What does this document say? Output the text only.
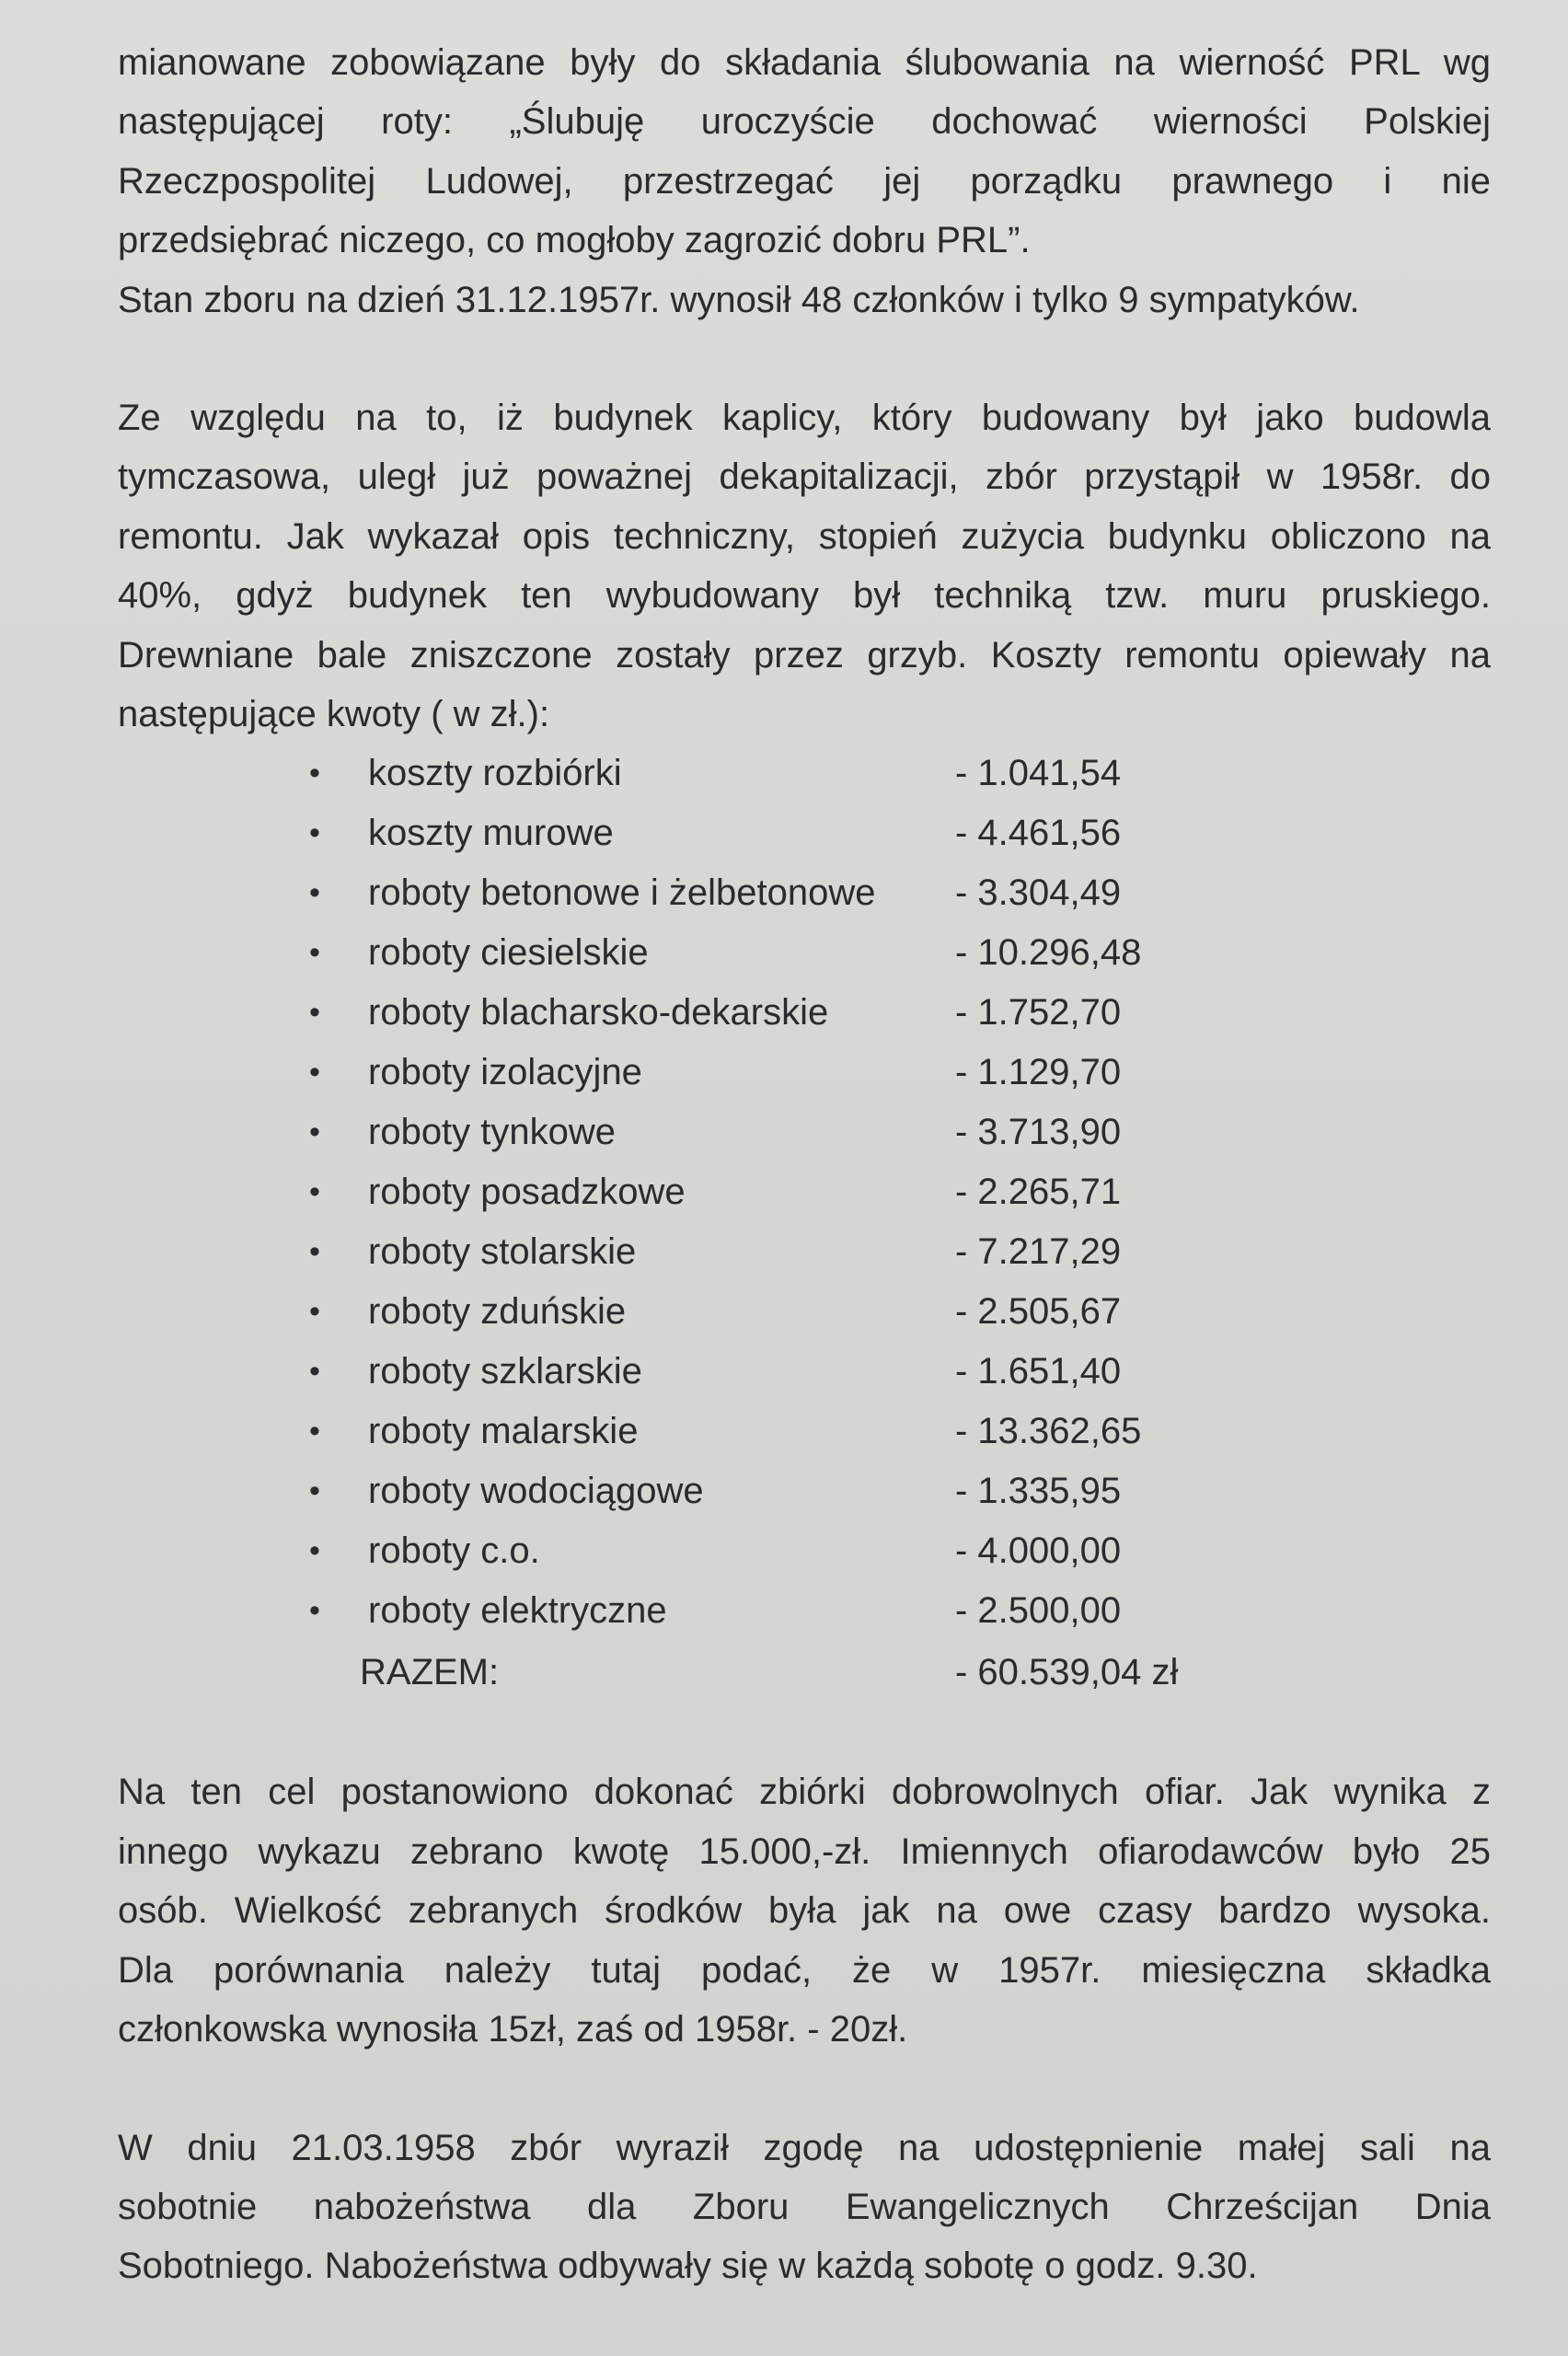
mianowane zobowiązane były do składania ślubowania na wierność PRL wg

następującej roty: „Ślubuję uroczyście dochować wierności Polskiej

Rzeczpospolitej Ludowej, przestrzegać jej porządku prawnego i nie

przedsiębrać niczego, co mogłoby zagrozić dobru PRL”.

Stan zboru na dzień 31.12.1957r. wynosił 48 członków i tylko 9 sympatyków.

Ze względu na to, iż budynek kaplicy, który budowany był jako budowla

tymczasowa, uległ już poważnej dekapitalizacji, zbór przystąpił w 1958r. do

remontu. Jak wykazał opis techniczny, stopień zużycia budynku obliczono na

40%, gdyż budynek ten wybudowany był techniką tzw. muru pruskiego.

Drewniane bale zniszczone zostały przez grzyb. Koszty remontu opiewały na

następujące kwoty ( w zł.):

• koszty rozbiórki	- 1.041,54
• koszty murowe	- 4.461,56
• roboty betonowe i żelbetonowe - 3.304,49
• roboty ciesielskie	- 10.296,48
• roboty blacharsko-dekarskie	- 1.752,70
• roboty izolacyjne	- 1.129,70
• roboty tynkowe	- 3.713,90
• roboty posadzkowe	- 2.265,71
• roboty stolarskie	- 7.217,29
• roboty zduńskie	- 2.505,67
• roboty szklarskie	- 1.651,40
• roboty malarskie	- 13.362,65
• roboty wodociągowe	- 1.335,95
• roboty c.o.	- 4.000,00
• roboty elektryczne	- 2.500,00
RAZEM:	- 60.539,04 zł

Na ten cel postanowiono dokonać zbiórki dobrowolnych ofiar. Jak wynika z

innego wykazu zebrano kwotę 15.000,-zł. Imiennych ofiarodawców było 25

osób. Wielkość zebranych środków była jak na owe czasy bardzo wysoka.

Dla porównania należy tutaj podać, że w 1957r. miesięczna składka

członkowska wynosiła 15zł, zaś od 1958r. - 20zł.

W dniu 21.03.1958 zbór wyraził zgodę na udostępnienie małej sali na

sobotnie nabożeństwa dla Zboru Ewangelicznych Chrześcijan Dnia

Sobotniego. Nabożeństwa odbywały się w każdą sobotę o godz. 9.30.
